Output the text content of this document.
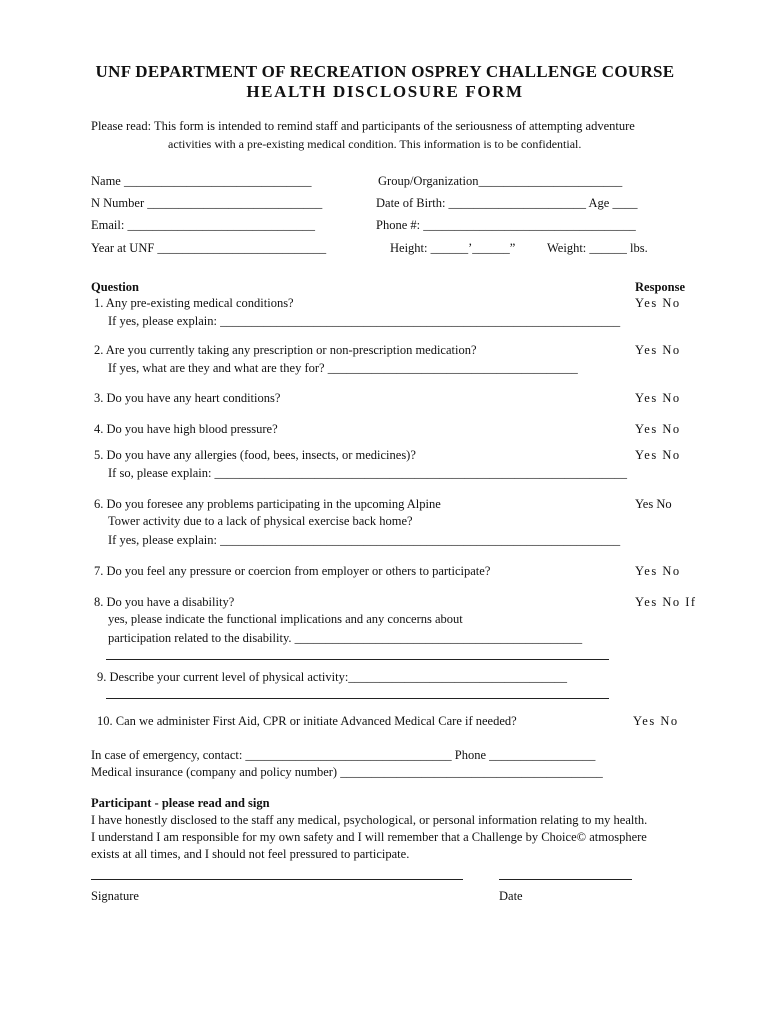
UNF DEPARTMENT OF RECREATION OSPREY CHALLENGE COURSE
HEALTH DISCLOSURE FORM
Please read: This form is intended to remind staff and participants of the seriousness of attempting adventure
activities with a pre-existing medical condition. This information is to be confidential.
Name ______________________________	Group/Organization_______________________
N Number ____________________________	Date of Birth: ______________________ Age ____
Email: ______________________________	Phone #: __________________________________
Year at UNF ___________________________	Height: ______’______”	Weight: ______ lbs.
Question	Response
1. Any pre-existing medical conditions?	Yes No
If yes, please explain: ________________________________________________________________
2. Are you currently taking any prescription or non-prescription medication?	Yes No
If yes, what are they and what are they for? ________________________________________
3. Do you have any heart conditions?	Yes No
4. Do you have high blood pressure?	Yes No
5. Do you have any allergies (food, bees, insects, or medicines)?	Yes No
If so, please explain: __________________________________________________________________
6. Do you foresee any problems participating in the upcoming Alpine	Yes No
Tower activity due to a lack of physical exercise back home?
If yes, please explain: ________________________________________________________________
7. Do you feel any pressure or coercion from employer or others to participate?	Yes No
8. Do you have a disability?	Yes No If
yes, please indicate the functional implications and any concerns about
participation related to the disability. ______________________________________________
9. Describe your current level of physical activity:___________________________________
10. Can we administer First Aid, CPR or initiate Advanced Medical Care if needed?	Yes No
In case of emergency, contact: _________________________________ Phone _________________
Medical insurance (company and policy number) __________________________________________
Participant - please read and sign
I have honestly disclosed to the staff any medical, psychological, or personal information relating to my health.
I understand I am responsible for my own safety and I will remember that a Challenge by Choice© atmosphere
exists at all times, and I should not feel pressured to participate.
Signature	Date
